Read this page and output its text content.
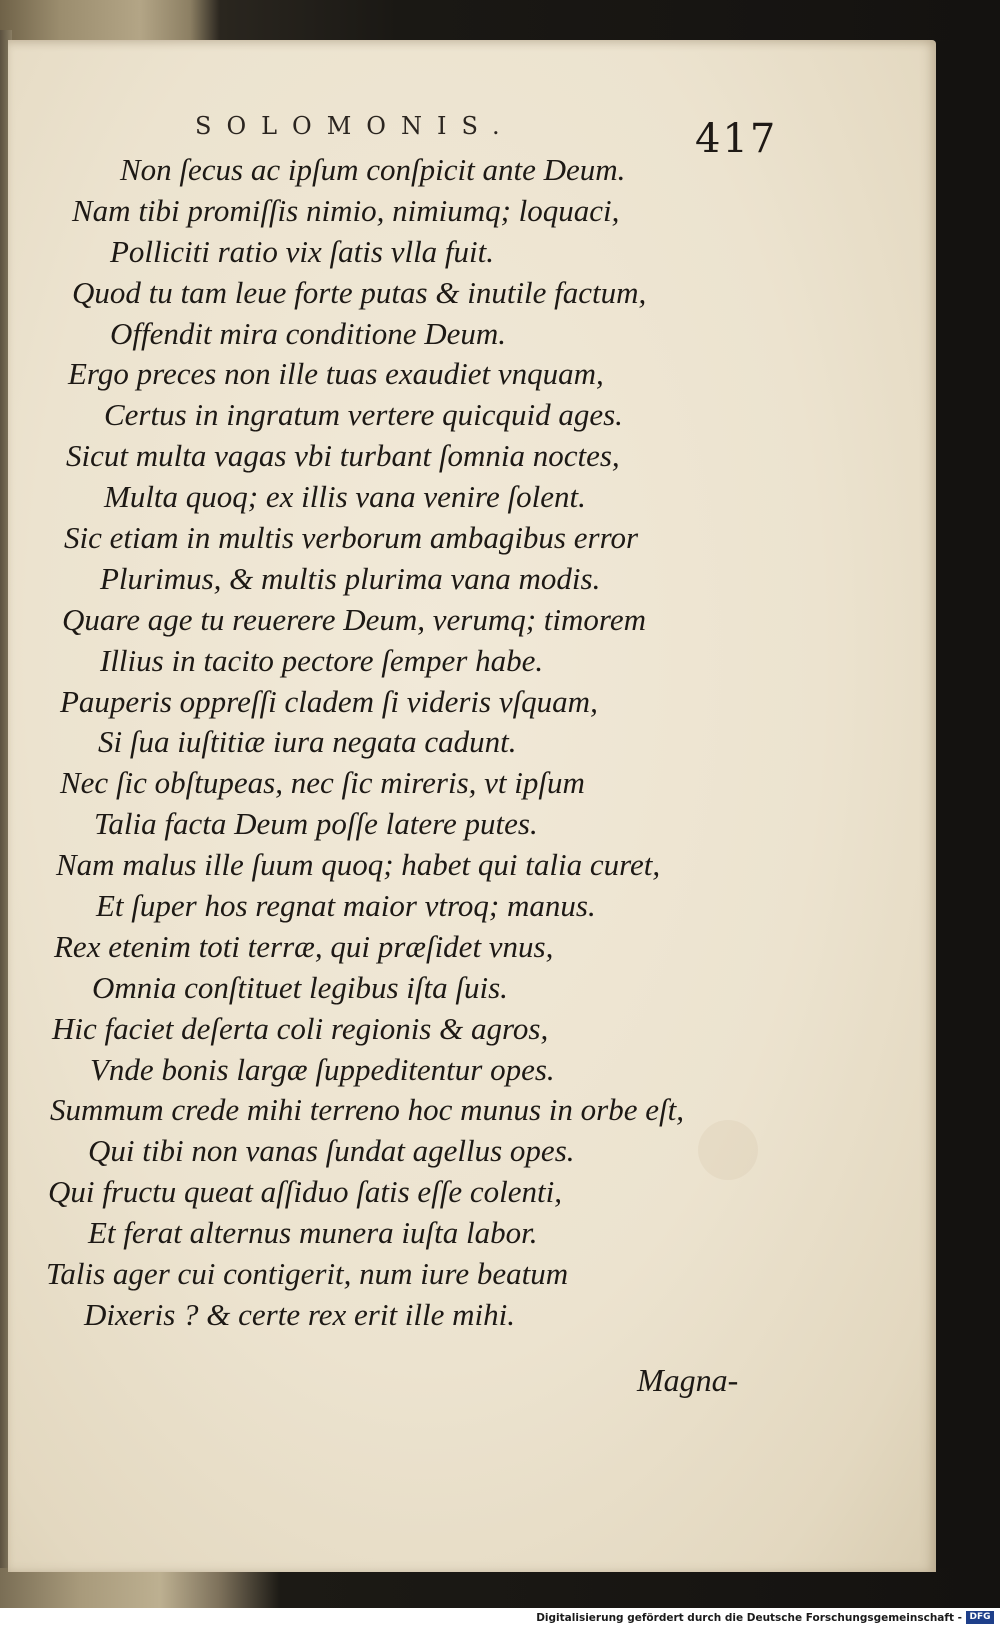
SOLOMONIS.	417
Non ſecus ac ipſum conſpicit ante Deum.
Nam tibi promiſſis nimio, nimiumq; loquaci,
Polliciti ratio vix ſatis vlla fuit.
Quod tu tam leue forte putas & inutile factum,
Offendit mira conditione Deum.
Ergo preces non ille tuas exaudiet vnquam,
Certus in ingratum vertere quicquid ages.
Sicut multa vagas vbi turbant ſomnia noctes,
Multa quoq; ex illis vana venire ſolent.
Sic etiam in multis verborum ambagibus error
Plurimus, & multis plurima vana modis.
Quare age tu reuerere Deum, verumq; timorem
Illius in tacito pectore ſemper habe.
Pauperis oppreſſi cladem ſi videris vſquam,
Si ſua iuſtitiæ iura negata cadunt.
Nec ſic obſtupeas, nec ſic mireris, vt ipſum
Talia facta Deum poſſe latere putes.
Nam malus ille ſuum quoq; habet qui talia curet,
Et ſuper hos regnat maior vtroq; manus.
Rex etenim toti terræ, qui præſidet vnus,
Omnia conſtituet legibus iſta ſuis.
Hic faciet deſerta coli regionis & agros,
Vnde bonis largæ ſuppeditentur opes.
Summum crede mihi terreno hoc munus in orbe eſt,
Qui tibi non vanas ſundat agellus opes.
Qui fructu queat aſſiduo ſatis eſſe colenti,
Et ferat alternus munera iuſta labor.
Talis ager cui contigerit, num iure beatum
Dixeris ? & certe rex erit ille mihi.
Magna-
Digitalisierung gefördert durch die Deutsche Forschungsgemeinschaft - DFG
